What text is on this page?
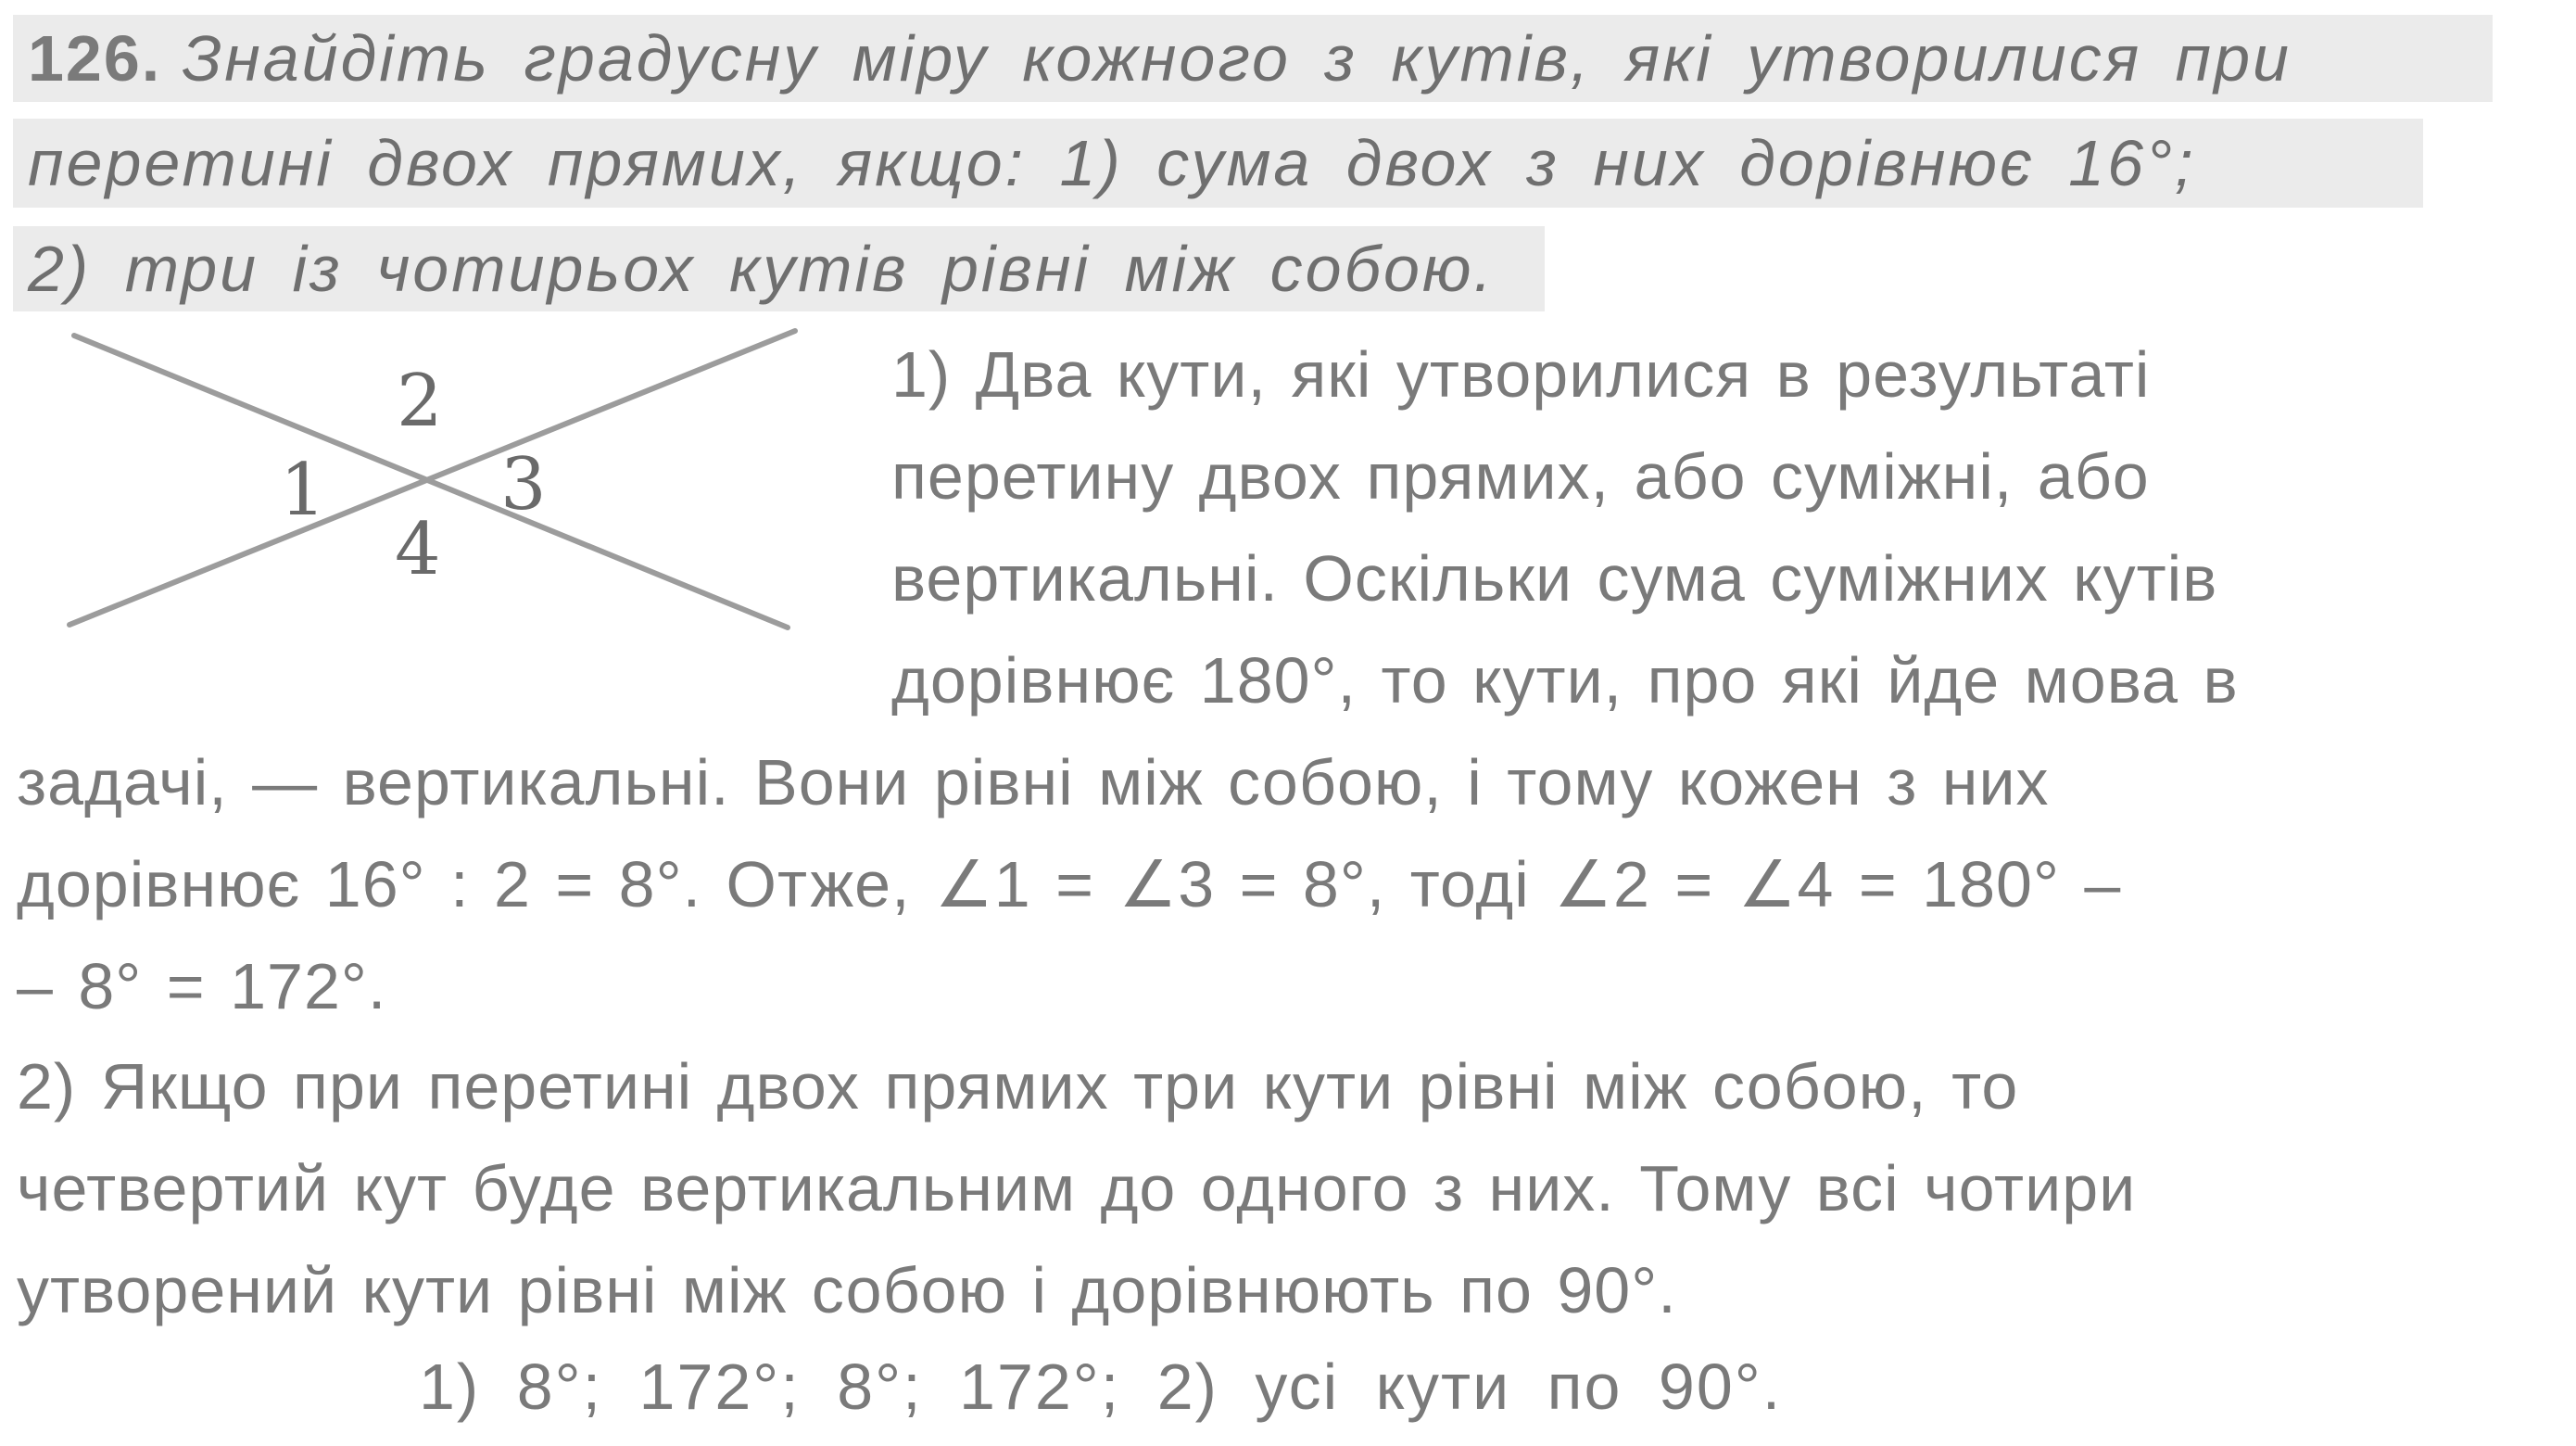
126. Знайдіть градусну міру кожного з кутів, які утворилися при
перетині двох прямих, якщо: 1) сума двох з них дорівнює 16°;
2) три із чотирьох кутів рівні між собою.
1
2
3
4
1) Два кути, які утворилися в результаті
перетину двох прямих, або суміжні, або
вертикальні. Оскільки сума суміжних кутів
дорівнює 180°, то кути, про які йде мова в
задачі, — вертикальні. Вони рівні між собою, і тому кожен з них
дорівнює 16° : 2 = 8°. Отже, ∠1 = ∠3 = 8°, тоді ∠2 = ∠4 = 180° –
– 8° = 172°.
2) Якщо при перетині двох прямих три кути рівні між собою, то
четвертий кут буде вертикальним до одного з них. Тому всі чотири
утворений кути рівні між собою і дорівнюють по 90°.
1) 8°; 172°; 8°; 172°; 2) усі кути по 90°.
